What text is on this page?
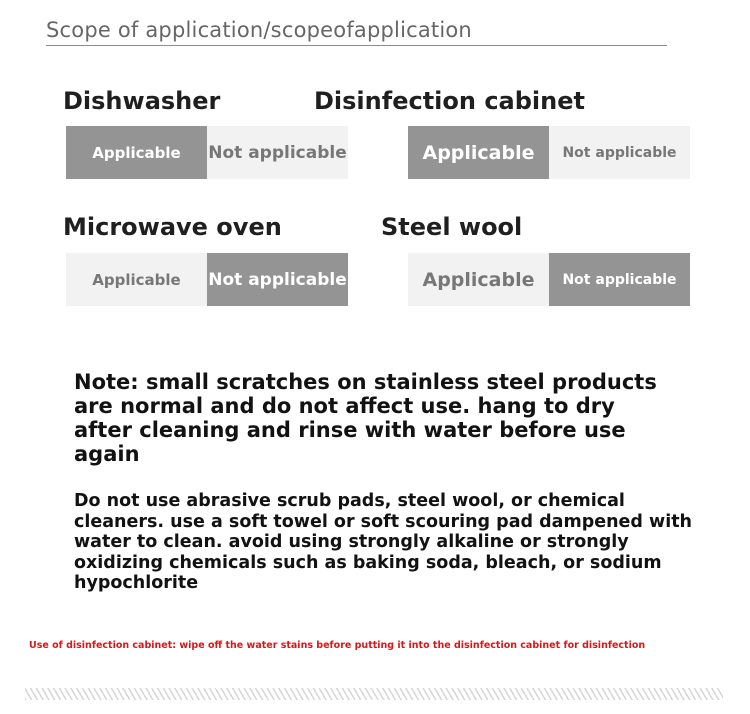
Scope of application/scopeofapplication
Dishwasher
Applicable	Not applicable
Disinfection cabinet
Applicable	Not applicable
Microwave oven
Applicable	Not applicable
Steel wool
Applicable	Not applicable
Note: small scratches on stainless steel products are normal and do not affect use. hang to dry after cleaning and rinse with water before use again
Do not use abrasive scrub pads, steel wool, or chemical cleaners. use a soft towel or soft scouring pad dampened with water to clean. avoid using strongly alkaline or strongly oxidizing chemicals such as baking soda, bleach, or sodium hypochlorite
Use of disinfection cabinet: wipe off the water stains before putting it into the disinfection cabinet for disinfection
